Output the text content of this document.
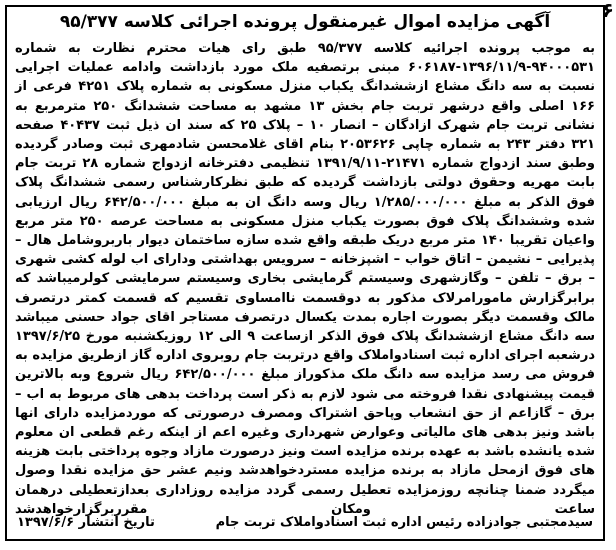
آگهی مزایده اموال غیرمنقول پرونده اجرائی کلاسه ۹۵/۳۷۷
به موجب پرونده اجرائیه کلاسه ۹۵/۳۷۷ طبق رای هیات محترم نظارت به شماره ۹۴۰۰۰۵۳۱-۱۳۹۶/۱۱/۹-۶۰۶۱۸۷ مبنی برتصفیه ملک مورد بازداشت وادامه عملیات اجرایی نسبت به سه دانگ مشاع ازششدانگ یکباب منزل مسکونی به شماره پلاک ۴۲۵۱ فرعی از ۱۶۶ اصلی واقع درشهر تربت جام بخش ۱۳ مشهد به مساحت ششدانگ ۲۵۰ مترمربع به نشانی تربت جام شهرک ازادگان – انصار ۱۰ – پلاک ۲۵ که سند ان ذیل ثبت ۴۰۴۳۷ صفحه ۳۲۱ دفتر ۲۴۳ به شماره چاپی ۲۰۵۳۶۲۶ بنام اقای غلامحسن شادمهری ثبت وصادر گردیده وطبق سند ازدواج شماره ۲۱۴۷۱-۱۳۹۱/۹/۱۱ تنظیمی دفترخانه ازدواج شماره ۲۸ تربت جام بابت مهریه وحقوق دولتی بازداشت گردیده که طبق نظرکارشناس رسمی ششدانگ پلاک فوق الذکر به مبلغ ۱/۲۸۵/۰۰۰/۰۰۰ ریال وسه دانگ ان به مبلغ ۶۴۲/۵۰۰/۰۰۰ ریال ارزیابی شده وششدانگ پلاک فوق بصورت یکباب منزل مسکونی به مساحت عرصه ۲۵۰ متر مربع واعیان تقریبا ۱۴۰ متر مربع دریک طبقه واقع شده سازه ساختمان دیوار باربروشامل هال – پذیرایی – نشیمن – اتاق خواب – اشپزخانه – سرویس بهداشتی ودارای اب لوله کشی شهری – برق – تلفن – وگازشهری وسیستم گرمایشی بخاری وسیستم سرمایشی کولرمیباشد که برابرگزارش مامورامرلاک مذکور به دوقسمت ناامساوی تقسیم که قسمت کمتر درتصرف مالک وقسمت دیگر بصورت اجاره بمدت یکسال درتصرف مستاجر اقای جواد حسنی میباشد سه دانگ مشاع ازششدانگ پلاک فوق الذکر ازساعت ۹ الی ۱۲ روزیکشنبه مورخ ۱۳۹۷/۶/۲۵ درشعبه اجرای اداره ثبت اسنادواملاک واقع درتربت جام روبروی اداره گاز ازطریق مزایده به فروش می رسد مزایده سه دانگ ملک مذکوراز مبلغ ۶۴۲/۵۰۰/۰۰۰ ریال شروع وبه بالاترین قیمت پیشنهادی نقدا فروخته می شود لازم به ذکر است پرداخت بدهی های مربوط به اب – برق – گازاعم از حق انشعاب وپاحق اشتراک ومصرف درصورتی که موردمزایده دارای انها باشد ونیز بدهی های مالیاتی وعوارض شهرداری وغیره اعم از اینکه رغم قطعی ان معلوم شده یانشده باشد به عهده برنده مزایده است ونیز درصورت مازاد وجوه پرداختی بابت هزینه های فوق ازمحل مازاد به برنده مزایده مستردخواهدشد ونیم عشر حق مزایده نقدا وصول میگردد ضمنا چنانچه روزمزایده تعطیل رسمی گردد مزایده روزاداری بعدازتعطیلی درهمان ساعت ومکان مقرربرگزارخواهدشد
سیدمجتبی جوادزاده رئیس اداره ثبت اسنادواملاک تربت جام
تاریخ انتشار ۱۳۹۷/۶/۶
۶
